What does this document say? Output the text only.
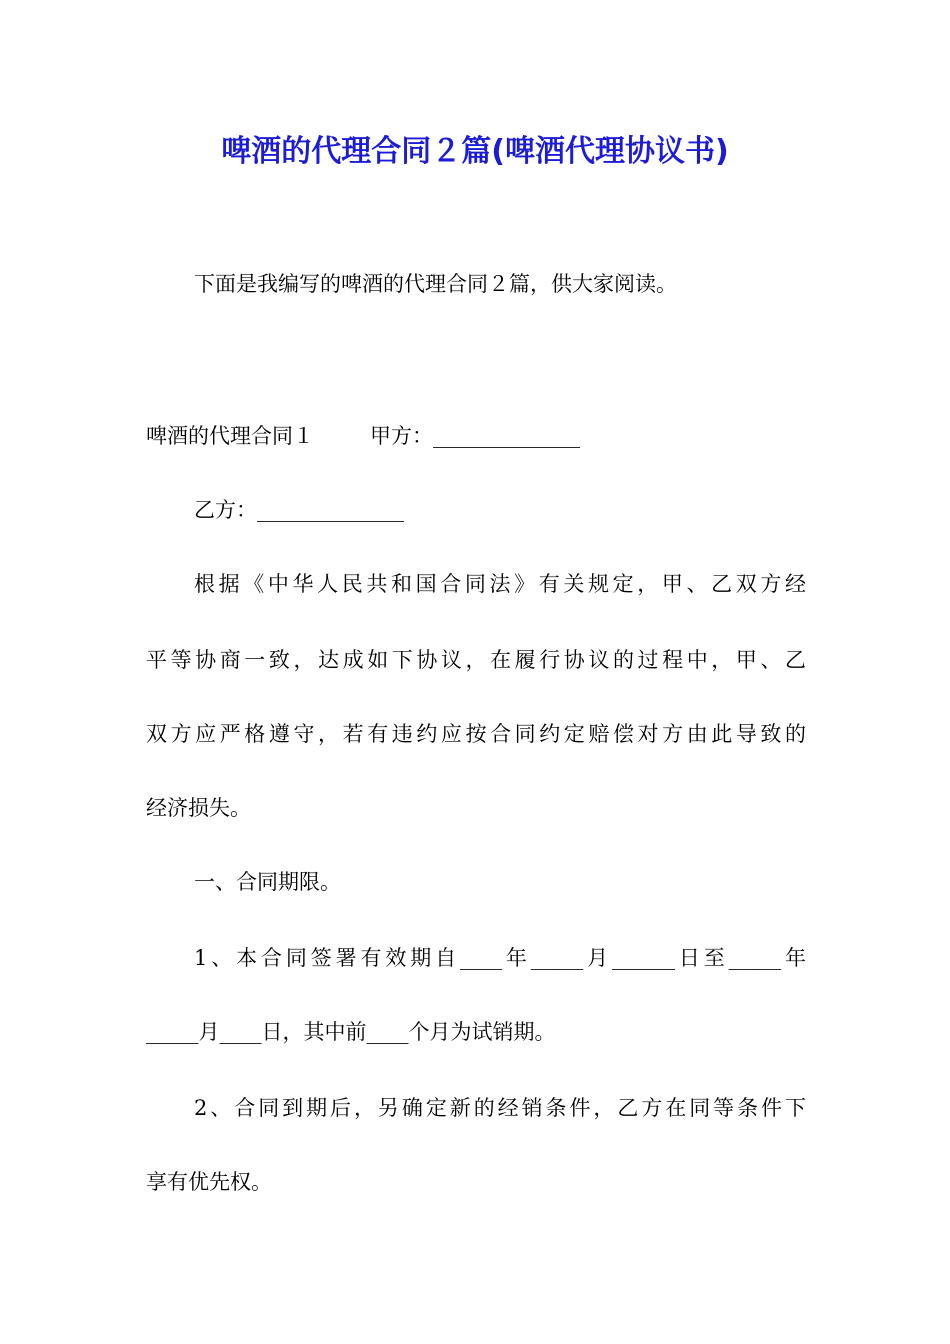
啤酒的代理合同２篇(啤酒代理协议书)
下面是我编写的啤酒的代理合同２篇，供大家阅读。
啤酒的代理合同１	甲方：______________
乙方：______________
根据《中华人民共和国合同法》有关规定，甲、乙双方经
平等协商一致，达成如下协议，在履行协议的过程中，甲、乙
双方应严格遵守，若有违约应按合同约定赔偿对方由此导致的
经济损失。
一、合同期限。
1、本合同签署有效期自____年_____月______日至_____年
_____月____日，其中前____个月为试销期。
2、合同到期后，另确定新的经销条件，乙方在同等条件下
享有优先权。
